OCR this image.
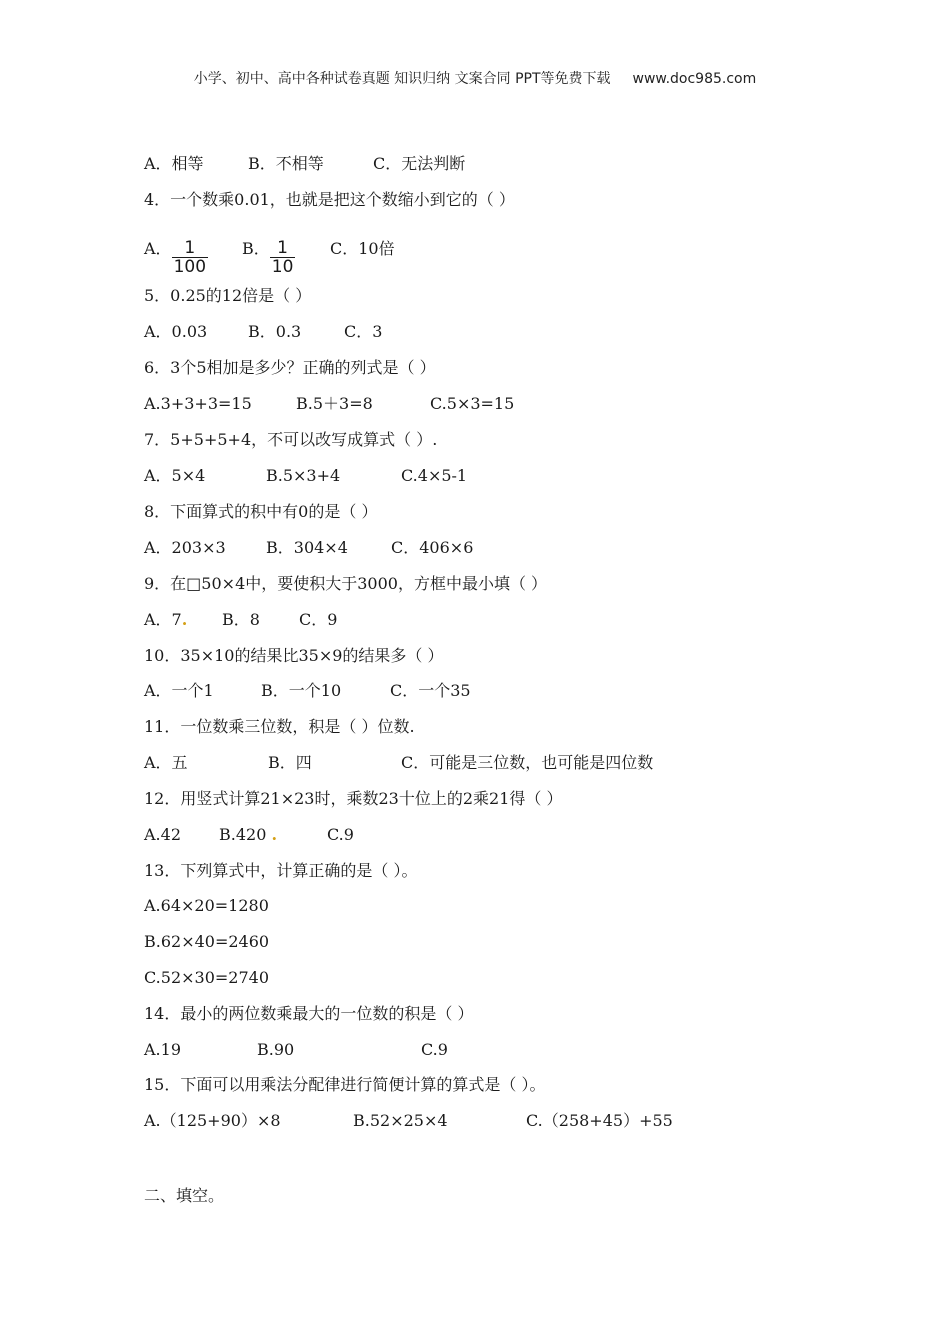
小学、初中、高中各种试卷真题 知识归纳 文案合同 PPT等免费下载 www.doc985.com
A．相等	B．不相等	C．无法判断
4．一个数乘0.01，也就是把这个数缩小到它的（ ）
A． $\frac{1}{100}$ B． $\frac{1}{10}$ C．10倍
5．0.25的12倍是（ ）
A．0.03	B．0.3	C．3
6．3个5相加是多少？正确的列式是（ ）
A.3+3+3=15	B.5＋3=8	C.5×3=15
7．5+5+5+4，不可以改写成算式（ ）.
A．5×4	B.5×3+4	C.4×5-1
8．下面算式的积中有0的是（ ）
A．203×3	B．304×4	C．406×6
9．在□50×4中，要使积大于3000，方框中最小填（ ）
A．7. B．8 C．9
10．35×10的结果比35×9的结果多（ ）
A．一个1	B．一个10	C．一个35
11．一位数乘三位数，积是（ ）位数.
A．五	B．四	C．可能是三位数，也可能是四位数
12．用竖式计算21×23时，乘数23十位上的2乘21得（ ）
A.42 B.420 .	C.9
13．下列算式中，计算正确的是（ ）。
A.64×20=1280
B.62×40=2460
C.52×30=2740
14．最小的两位数乘最大的一位数的积是（ ）
A.19	B.90	C.9
15．下面可以用乘法分配律进行简便计算的算式是（ ）。
A.（125+90）×8	B.52×25×4	C.（258+45）+55
二、填空。
